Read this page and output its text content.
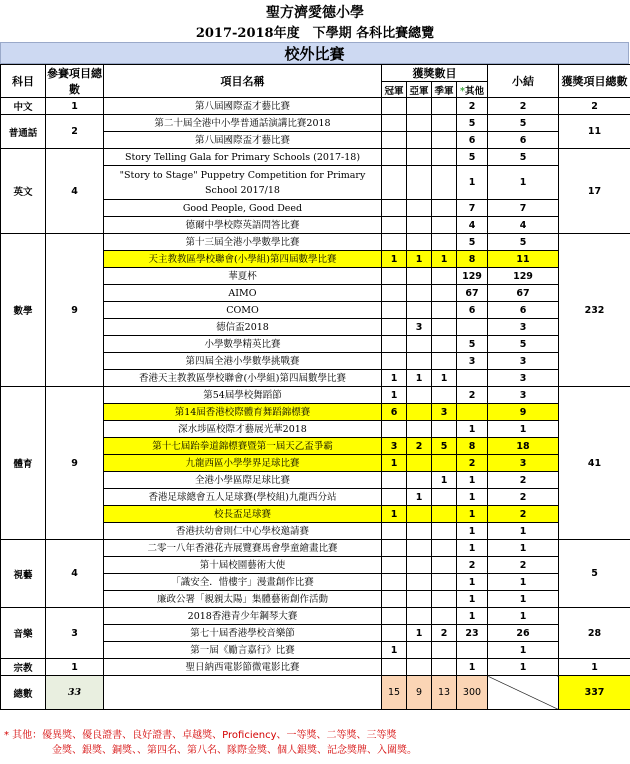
聖方濟愛德小學
2017-2018年度　下學期 各科比賽總覽
校外比賽
科目	參賽項目總數	項目名稱	獲獎數目				小結	獲獎項目總數
			冠軍	亞軍	季軍	*其他		
中文	1	第八屆國際盃才藝比賽				2	2	2
普通話	2	第二十屆全港中小學普通話演講比賽2018				5	5	11
		第八屆國際盃才藝比賽				6	6	
英文	4	Story Telling Gala for Primary Schools (2017-18)				5	5	17
		"Story to Stage" Puppetry Competition for Primary School 2017/18				1	1	
		Good People, Good Deed				7	7	
		德爾中學校際英語問答比賽				4	4	
數學	9	第十三屆全港小學數學比賽				5	5	232
		天主教教區學校聯會(小學組)第四屆數學比賽	1	1	1	8	11	
		華夏杯				129	129	
		AIMO				67	67	
		COMO				6	6	
		德信盃2018		3			3	
		小學數學精英比賽				5	5	
		第四屆全港小學數學挑戰賽				3	3	
		香港天主教教區學校聯會(小學組)第四屆數學比賽	1	1	1		3	
體育	9	第54屆學校舞蹈節	1			2	3	41
		第14屆香港校際體育舞蹈錦標賽	6		3		9	
		深水埗區校際才藝展光華2018				1	1	
		第十七屆跆拳道錦標賽暨第一屆天乙盃爭霸	3	2	5	8	18	
		九龍西區小學學界足球比賽	1			2	3	
		全港小學區際足球比賽			1	1	2	
		香港足球總會五人足球賽(學校組)九龍西分站		1		1	2	
		校長盃足球賽	1			1	2	
		香港扶幼會則仁中心學校邀請賽				1	1	
視藝	4	二零一八年香港花卉展覽賽馬會學童繪畫比賽				1	1	5
		第十屆校園藝術大使				2	2	
		「識安全．惜樓宇」漫畫創作比賽				1	1	
		廉政公署「親親太陽」集體藝術創作活動				1	1	
音樂	3	2018香港青少年鋼琴大賽				1	1	28
		第七十屆香港學校音樂節		1	2	23	26	
		第一屆《勵言嘉行》比賽	1				1	
宗教	1	聖日納西電影節微電影比賽				1	1	1
總數	33		15	9	13	300		337
* 其他：優異獎、優良證書、良好證書、卓越獎、Proficiency、一等獎、二等獎、三等獎
金獎、銀獎、銅獎、、第四名、第八名、隊際金獎、個人銀獎、記念獎牌、入圍獎。
